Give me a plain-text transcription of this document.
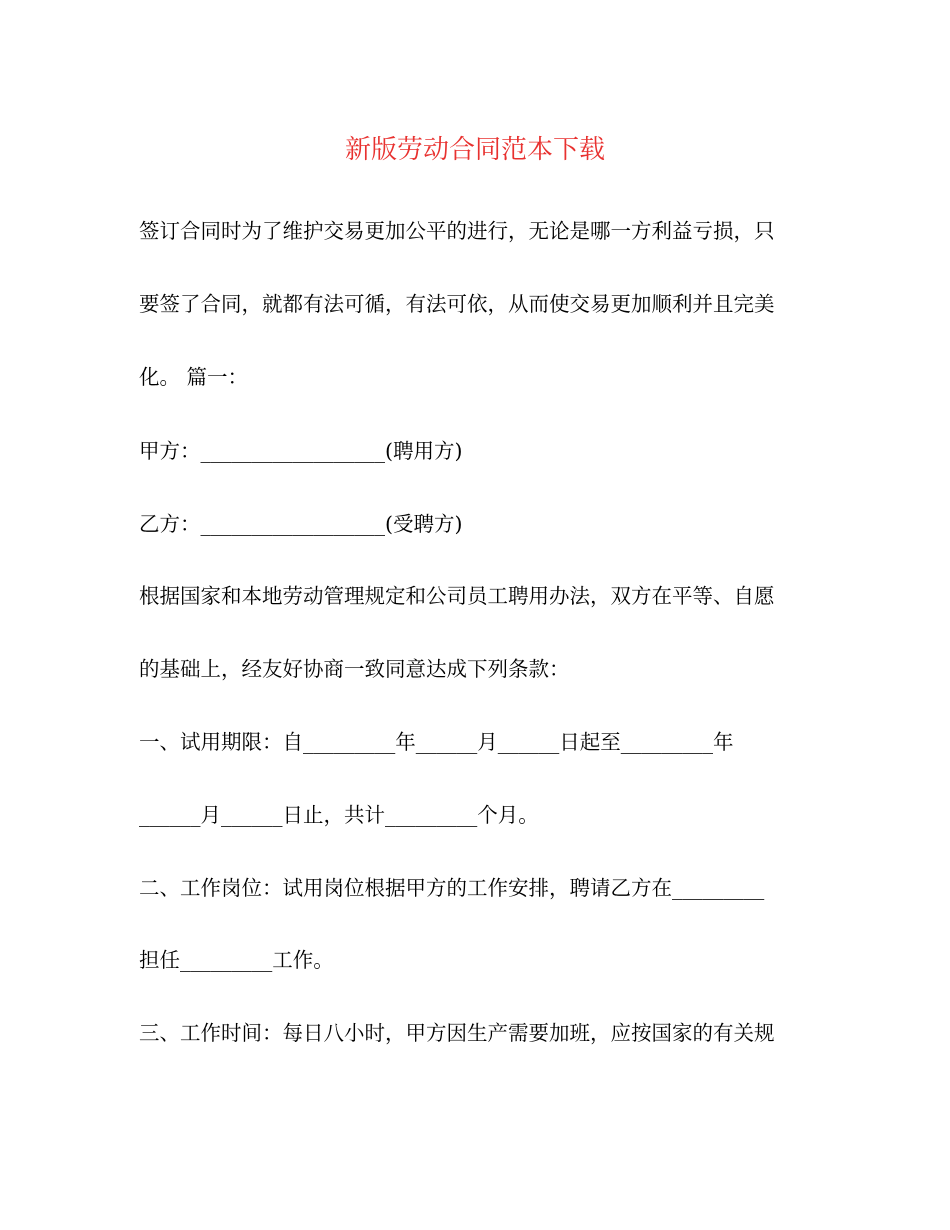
新版劳动合同范本下载
签订合同时为了维护交易更加公平的进行，无论是哪一方利益亏损，只
要签了合同，就都有法可循，有法可依，从而使交易更加顺利并且完美
化。 篇一：
甲方：__________________(聘用方)
乙方：__________________(受聘方)
根据国家和本地劳动管理规定和公司员工聘用办法，双方在平等、自愿
的基础上，经友好协商一致同意达成下列条款：
一、试用期限：自_________年______月______日起至_________年
______月______日止，共计_________个月。
二、工作岗位：试用岗位根据甲方的工作安排，聘请乙方在_________
担任_________工作。
三、工作时间：每日八小时，甲方因生产需要加班，应按国家的有关规
